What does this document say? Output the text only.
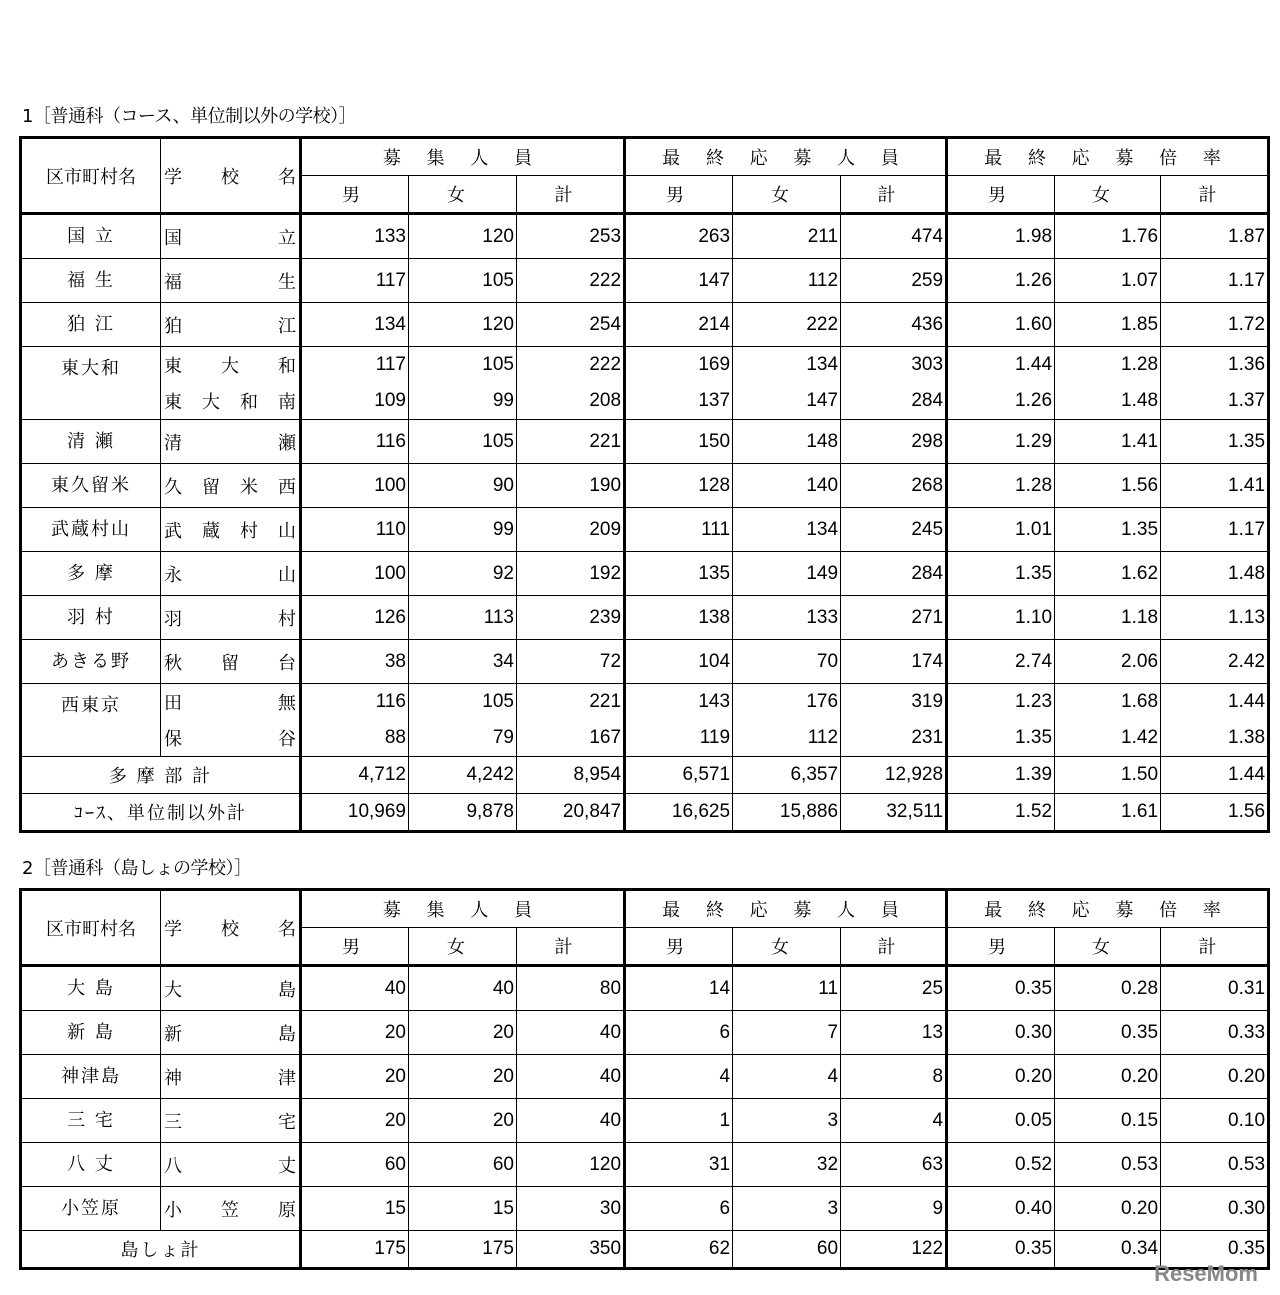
1［普通科（コース、単位制以外の学校）］
区市町村名	学　校　名	募 集 人 員			最 終 応 募 人 員			最 終 応 募 倍 率		
		男	女	計	男	女	計	男	女	計
国 立	国立	133	120	253	263	211	474	1.98	1.76	1.87
福 生	福生	117	105	222	147	112	259	1.26	1.07	1.17
狛 江	狛江	134	120	254	214	222	436	1.60	1.85	1.72
東大和	東大和	117	105	222	169	134	303	1.44	1.28	1.36
	東大和南	109	99	208	137	147	284	1.26	1.48	1.37
清 瀬	清瀬	116	105	221	150	148	298	1.29	1.41	1.35
東久留米	久留米西	100	90	190	128	140	268	1.28	1.56	1.41
武蔵村山	武蔵村山	110	99	209	111	134	245	1.01	1.35	1.17
多 摩	永山	100	92	192	135	149	284	1.35	1.62	1.48
羽 村	羽村	126	113	239	138	133	271	1.10	1.18	1.13
あきる野	秋留台	38	34	72	104	70	174	2.74	2.06	2.42
西東京	田無	116	105	221	143	176	319	1.23	1.68	1.44
	保谷	88	79	167	119	112	231	1.35	1.42	1.38
多 摩 部 計		4,712	4,242	8,954	6,571	6,357	12,928	1.39	1.50	1.44
ｺｰｽ、単位制以外計		10,969	9,878	20,847	16,625	15,886	32,511	1.52	1.61	1.56
2［普通科（島しょの学校）］
区市町村名	学　校　名	募 集 人 員			最 終 応 募 人 員			最 終 応 募 倍 率		
		男	女	計	男	女	計	男	女	計
大 島	大島	40	40	80	14	11	25	0.35	0.28	0.31
新 島	新島	20	20	40	6	7	13	0.30	0.35	0.33
神津島	神津	20	20	40	4	4	8	0.20	0.20	0.20
三 宅	三宅	20	20	40	1	3	4	0.05	0.15	0.10
八 丈	八丈	60	60	120	31	32	63	0.52	0.53	0.53
小笠原	小笠原	15	15	30	6	3	9	0.40	0.20	0.30
島しょ計		175	175	350	62	60	122	0.35	0.34	0.35
ReseMom
